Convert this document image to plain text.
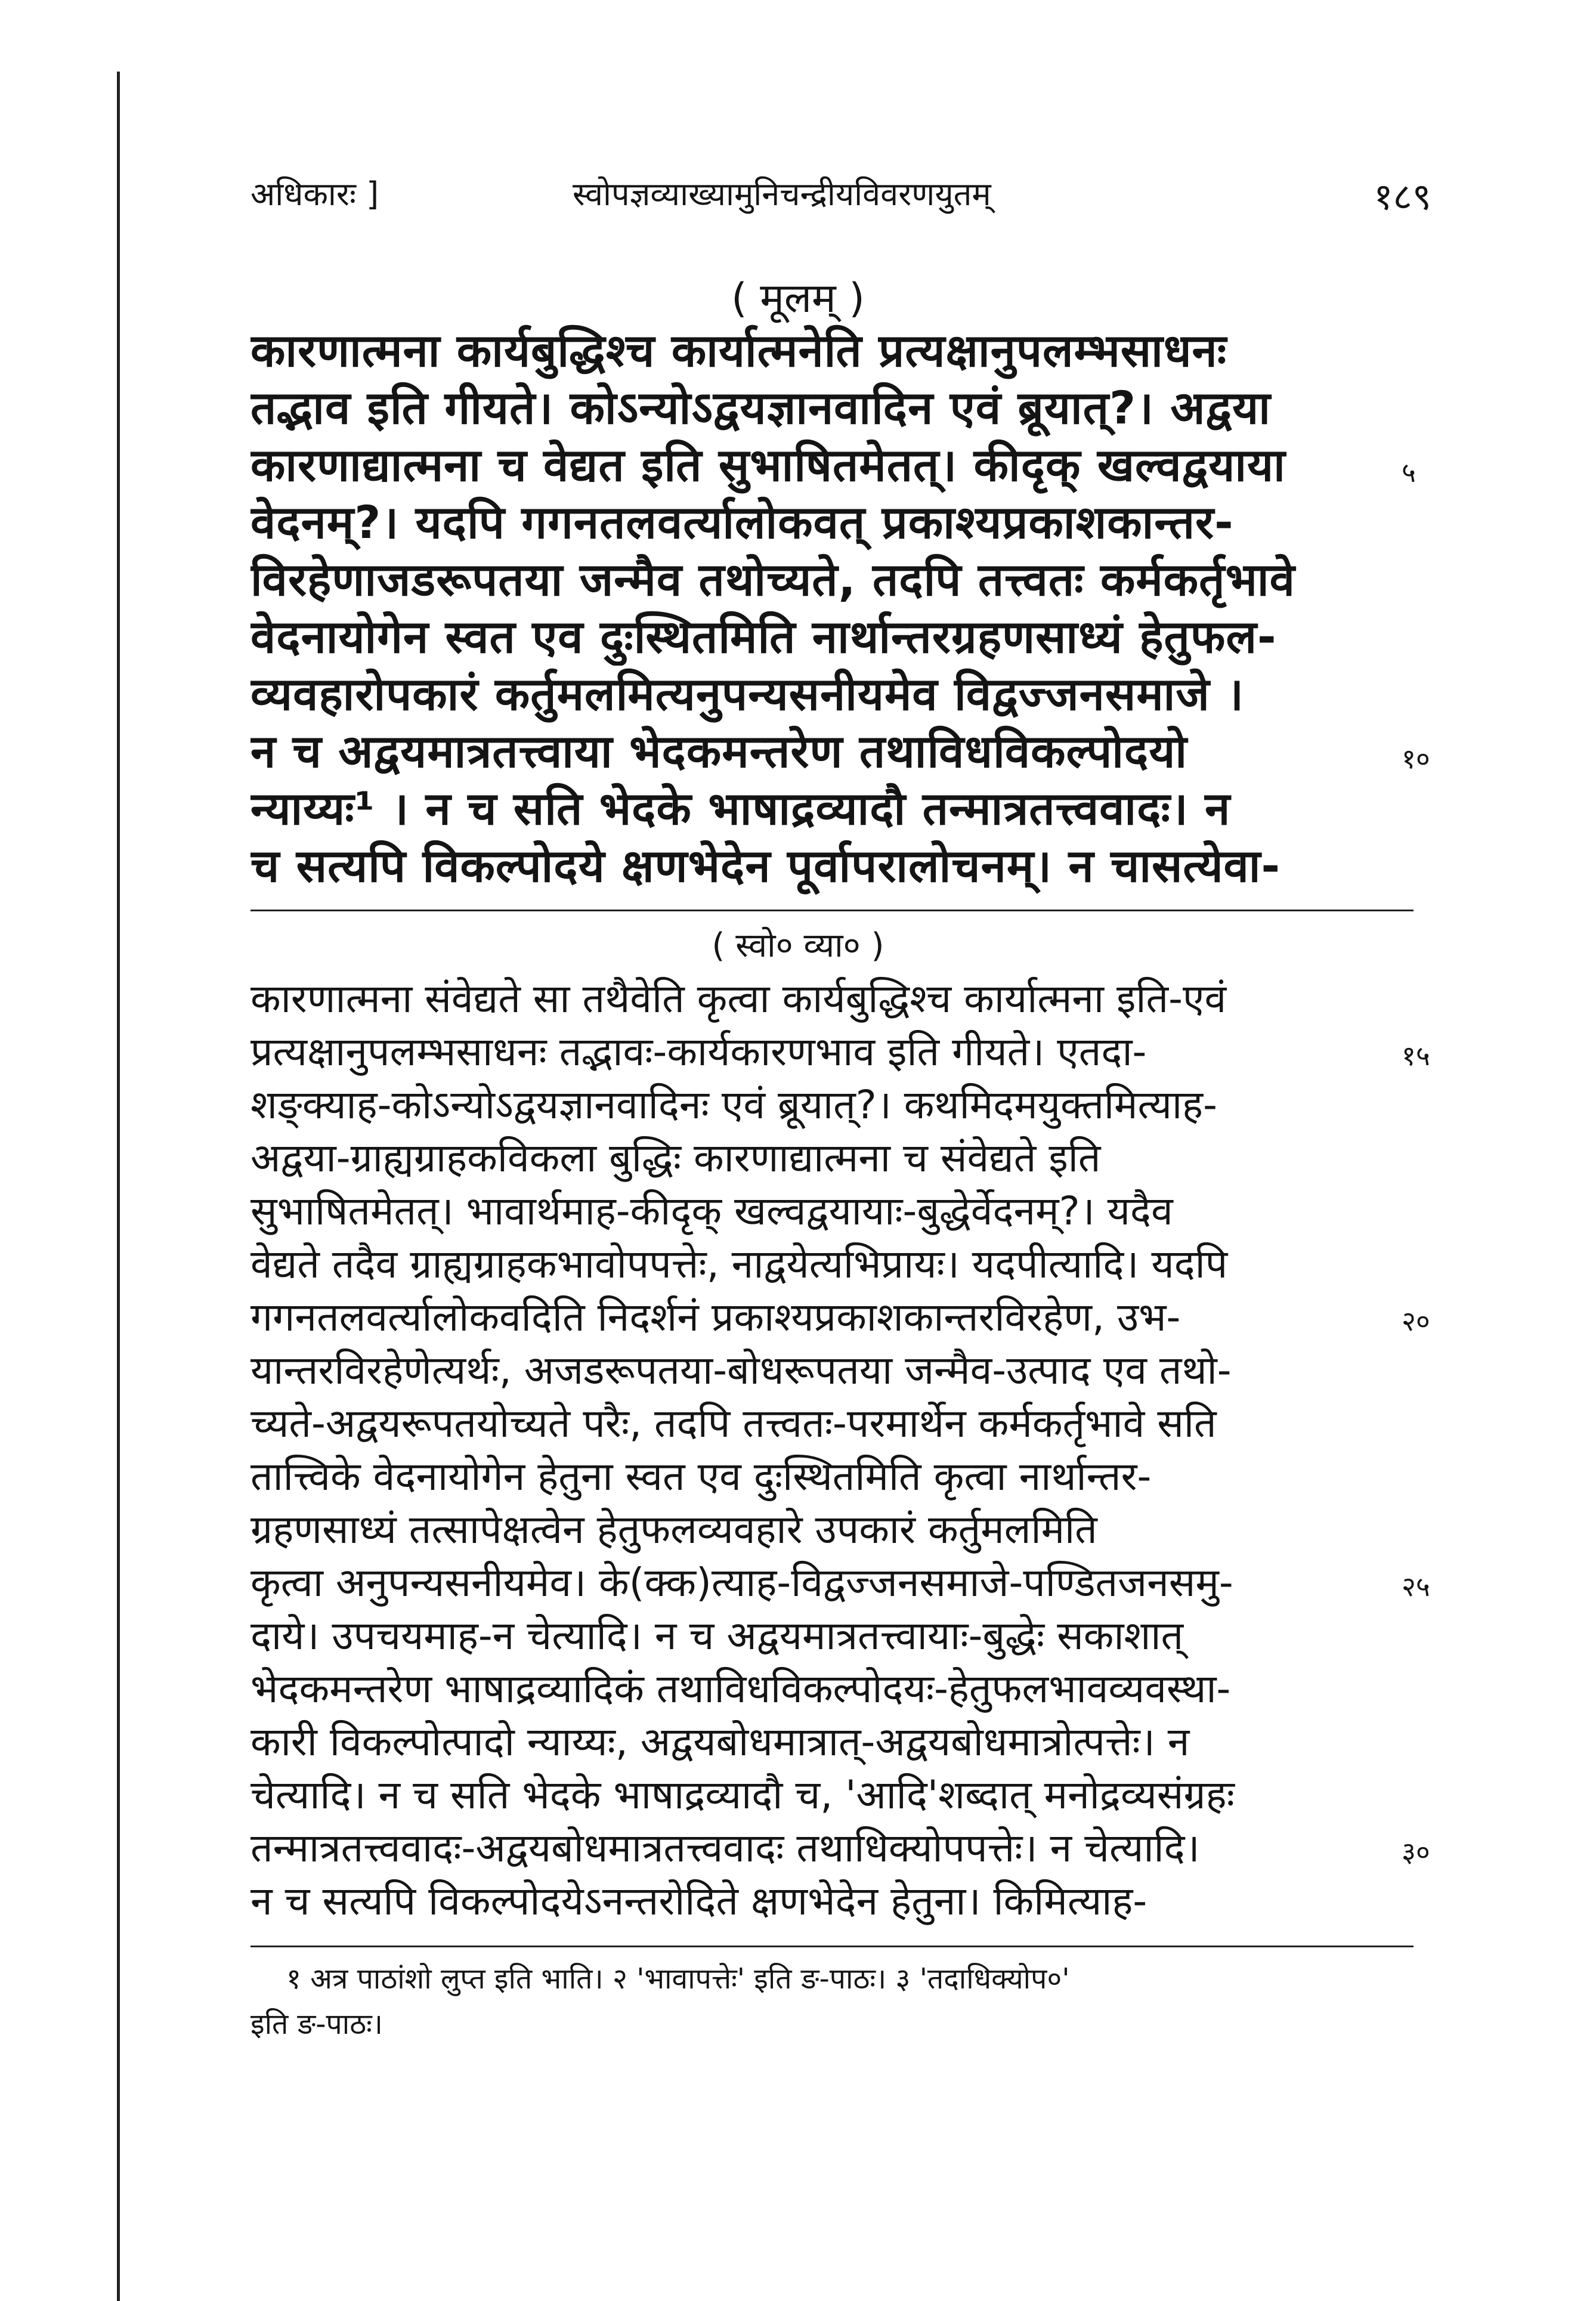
अधिकारः ]	स्वोपज्ञव्याख्यामुनिचन्द्रीयविवरणयुतम्	१८९
( मूलम् )
कारणात्मना कार्यबुद्धिश्च कार्यात्मनेति प्रत्यक्षानुपलम्भसाधनः
तद्भाव इति गीयते। कोऽन्योऽद्वयज्ञानवादिन एवं ब्रूयात्?। अद्वया
कारणाद्यात्मना च वेद्यत इति सुभाषितमेतत्। कीदृक् खल्वद्वयाया
वेदनम्?। यदपि गगनतलवर्त्यालोकवत् प्रकाश्यप्रकाशकान्तर-
विरहेणाजडरूपतया जन्मैव तथोच्यते, तदपि तत्त्वतः कर्मकर्तृभावे
वेदनायोगेन स्वत एव दुःस्थितमिति नार्थान्तरग्रहणसाध्यं हेतुफल-
व्यवहारोपकारं कर्तुमलमित्यनुपन्यसनीयमेव विद्वज्जनसमाजे ।
न च अद्वयमात्रतत्त्वाया भेदकमन्तरेण तथाविधविकल्पोदयो
न्याय्यः¹ । न च सति भेदके भाषाद्रव्यादौ तन्मात्रतत्त्ववादः। न
च सत्यपि विकल्पोदये क्षणभेदेन पूर्वापरालोचनम्। न चासत्येवा-
५
१०
( स्वो० व्या० )
कारणात्मना संवेद्यते सा तथैवेति कृत्वा कार्यबुद्धिश्च कार्यात्मना इति-एवं
प्रत्यक्षानुपलम्भसाधनः तद्भावः-कार्यकारणभाव इति गीयते। एतदा-
शङ्क्याह-कोऽन्योऽद्वयज्ञानवादिनः एवं ब्रूयात्?। कथमिदमयुक्तमित्याह-
अद्वया-ग्राह्यग्राहकविकला बुद्धिः कारणाद्यात्मना च संवेद्यते इति
सुभाषितमेतत्। भावार्थमाह-कीदृक् खल्वद्वयायाः-बुद्धेर्वेदनम्?। यदैव
वेद्यते तदैव ग्राह्यग्राहकभावोपपत्तेः, नाद्वयेत्यभिप्रायः। यदपीत्यादि। यदपि
गगनतलवर्त्यालोकवदिति निदर्शनं प्रकाश्यप्रकाशकान्तरविरहेण, उभ-
यान्तरविरहेणेत्यर्थः, अजडरूपतया-बोधरूपतया जन्मैव-उत्पाद एव तथो-
च्यते-अद्वयरूपतयोच्यते परैः, तदपि तत्त्वतः-परमार्थेन कर्मकर्तृभावे सति
तात्त्विके वेदनायोगेन हेतुना स्वत एव दुःस्थितमिति कृत्वा नार्थान्तर-
ग्रहणसाध्यं तत्सापेक्षत्वेन हेतुफलव्यवहारे उपकारं कर्तुमलमिति
कृत्वा अनुपन्यसनीयमेव। के(क्क)त्याह-विद्वज्जनसमाजे-पण्डितजनसमु-
दाये। उपचयमाह-न चेत्यादि। न च अद्वयमात्रतत्त्वायाः-बुद्धेः सकाशात्
भेदकमन्तरेण भाषाद्रव्यादिकं तथाविधविकल्पोदयः-हेतुफलभावव्यवस्था-
कारी विकल्पोत्पादो न्याय्यः, अद्वयबोधमात्रात्-अद्वयबोधमात्रोत्पत्तेः। न
चेत्यादि। न च सति भेदके भाषाद्रव्यादौ च, 'आदि'शब्दात् मनोद्रव्यसंग्रहः
तन्मात्रतत्त्ववादः-अद्वयबोधमात्रतत्त्ववादः तथाधिक्योपपत्तेः। न चेत्यादि।
न च सत्यपि विकल्पोदयेऽनन्तरोदिते क्षणभेदेन हेतुना। किमित्याह-
१५
२०
२५
३०
१ अत्र पाठांशो लुप्त इति भाति। २ 'भावापत्तेः' इति ङ-पाठः। ३ 'तदाधिक्योप०'
इति ङ-पाठः।
